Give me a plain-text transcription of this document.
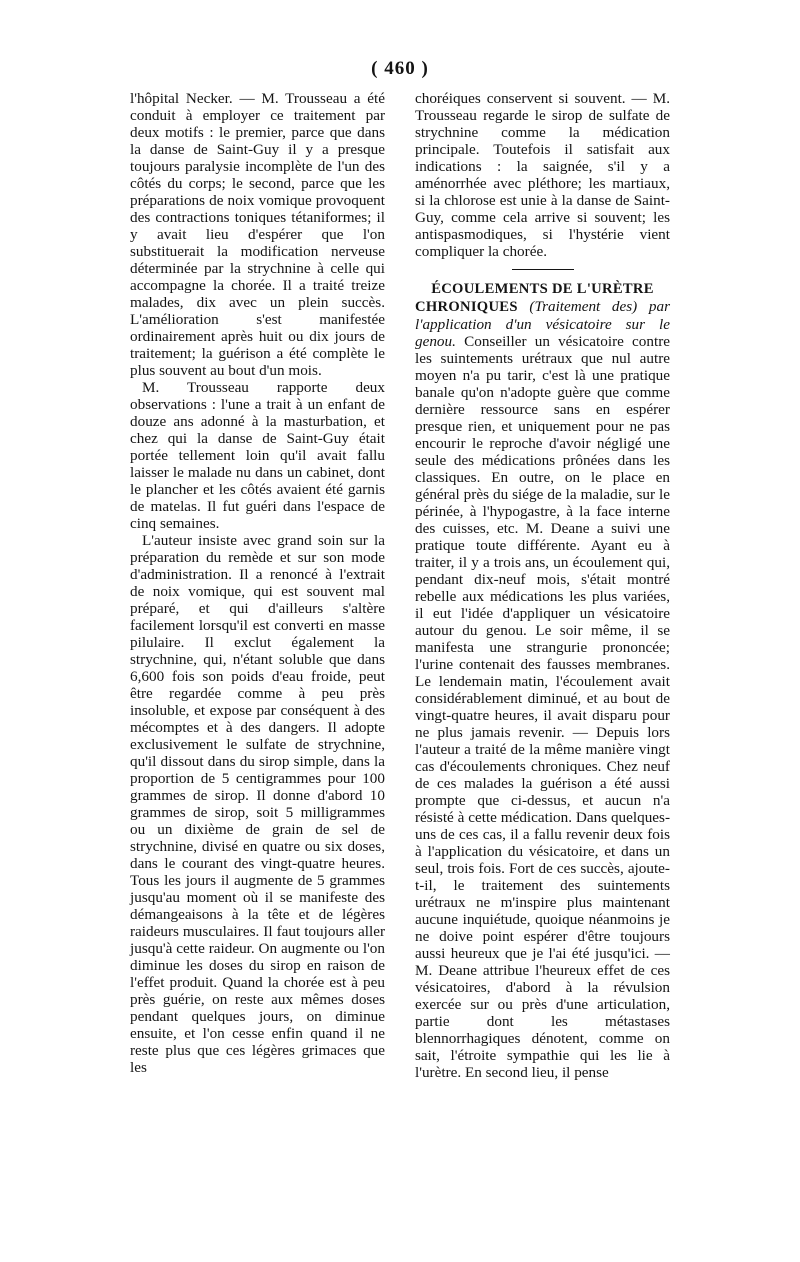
( 460 )

l'hôpital Necker. — M. Trousseau a été conduit à employer ce traitement par deux motifs : le premier, parce que dans la danse de Saint-Guy il y a presque toujours paralysie incomplète de l'un des côtés du corps; le second, parce que les préparations de noix vomique provoquent des contractions toniques tétaniformes; il y avait lieu d'espérer que l'on substituerait la modification nerveuse déterminée par la strychnine à celle qui accompagne la chorée. Il a traité treize malades, dix avec un plein succès. L'amélioration s'est manifestée ordinairement après huit ou dix jours de traitement; la guérison a été complète le plus souvent au bout d'un mois.

M. Trousseau rapporte deux observations : l'une a trait à un enfant de douze ans adonné à la masturbation, et chez qui la danse de Saint-Guy était portée tellement loin qu'il avait fallu laisser le malade nu dans un cabinet, dont le plancher et les côtés avaient été garnis de matelas. Il fut guéri dans l'espace de cinq semaines.

L'auteur insiste avec grand soin sur la préparation du remède et sur son mode d'administration. Il a renoncé à l'extrait de noix vomique, qui est souvent mal préparé, et qui d'ailleurs s'altère facilement lorsqu'il est converti en masse pilulaire. Il exclut également la strychnine, qui, n'étant soluble que dans 6,600 fois son poids d'eau froide, peut être regardée comme à peu près insoluble, et expose par conséquent à des mécomptes et à des dangers. Il adopte exclusivement le sulfate de strychnine, qu'il dissout dans du sirop simple, dans la proportion de 5 centigrammes pour 100 grammes de sirop. Il donne d'abord 10 grammes de sirop, soit 5 milligrammes ou un dixième de grain de sel de strychnine, divisé en quatre ou six doses, dans le courant des vingt-quatre heures. Tous les jours il augmente de 5 grammes jusqu'au moment où il se manifeste des démangeaisons à la tête et de légères raideurs musculaires. Il faut toujours aller jusqu'à cette raideur. On augmente ou l'on diminue les doses du sirop en raison de l'effet produit. Quand la chorée est à peu près guérie, on reste aux mêmes doses pendant quelques jours, on diminue ensuite, et l'on cesse enfin quand il ne reste plus que ces légères grimaces que les

choréiques conservent si souvent. — M. Trousseau regarde le sirop de sulfate de strychnine comme la médication principale. Toutefois il satisfait aux indications : la saignée, s'il y a aménorrhée avec pléthore; les martiaux, si la chlorose est unie à la danse de Saint-Guy, comme cela arrive si souvent; les antispasmodiques, si l'hystérie vient compliquer la chorée.

ÉCOULEMENTS DE L'URÈTRE

CHRONIQUES (Traitement des) par l'application d'un vésicatoire sur le genou. Conseiller un vésicatoire contre les suintements urétraux que nul autre moyen n'a pu tarir, c'est là une pratique banale qu'on n'adopte guère que comme dernière ressource sans en espérer presque rien, et uniquement pour ne pas encourir le reproche d'avoir négligé une seule des médications prônées dans les classiques. En outre, on le place en général près du siége de la maladie, sur le périnée, à l'hypogastre, à la face interne des cuisses, etc. M. Deane a suivi une pratique toute différente. Ayant eu à traiter, il y a trois ans, un écoulement qui, pendant dix-neuf mois, s'était montré rebelle aux médications les plus variées, il eut l'idée d'appliquer un vésicatoire autour du genou. Le soir même, il se manifesta une strangurie prononcée; l'urine contenait des fausses membranes. Le lendemain matin, l'écoulement avait considérablement diminué, et au bout de vingt-quatre heures, il avait disparu pour ne plus jamais revenir. — Depuis lors l'auteur a traité de la même manière vingt cas d'écoulements chroniques. Chez neuf de ces malades la guérison a été aussi prompte que ci-dessus, et aucun n'a résisté à cette médication. Dans quelques-uns de ces cas, il a fallu revenir deux fois à l'application du vésicatoire, et dans un seul, trois fois. Fort de ces succès, ajoute-t-il, le traitement des suintements urétraux ne m'inspire plus maintenant aucune inquiétude, quoique néanmoins je ne doive point espérer d'être toujours aussi heureux que je l'ai été jusqu'ici. — M. Deane attribue l'heureux effet de ces vésicatoires, d'abord à la révulsion exercée sur ou près d'une articulation, partie dont les métastases blennorrhagiques dénotent, comme on sait, l'étroite sympathie qui les lie à l'urètre. En second lieu, il pense
